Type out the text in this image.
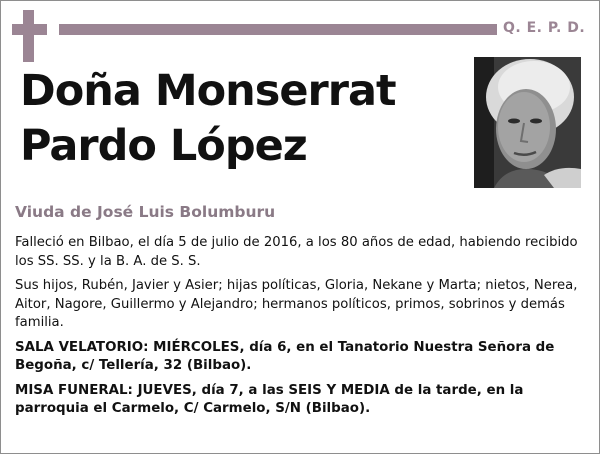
Q. E. P. D.
Doña Monserrat
Pardo López
Viuda de José Luis Bolumburu

Falleció en Bilbao, el día 5 de julio de 2016, a los 80 años de edad, habiendo recibido los SS. SS. y la B. A. de S. S.

Sus hijos, Rubén, Javier y Asier; hijas políticas, Gloria, Nekane y Marta; nietos, Nerea, Aitor, Nagore, Guillermo y Alejandro; hermanos políticos, primos, sobrinos y demás familia.

SALA VELATORIO: MIÉRCOLES, día 6, en el Tanatorio Nuestra Señora de Begoña, c/ Tellería, 32 (Bilbao).

MISA FUNERAL: JUEVES, día 7, a las SEIS Y MEDIA de la tarde, en la parroquia el Carmelo, C/ Carmelo, S/N (Bilbao).
